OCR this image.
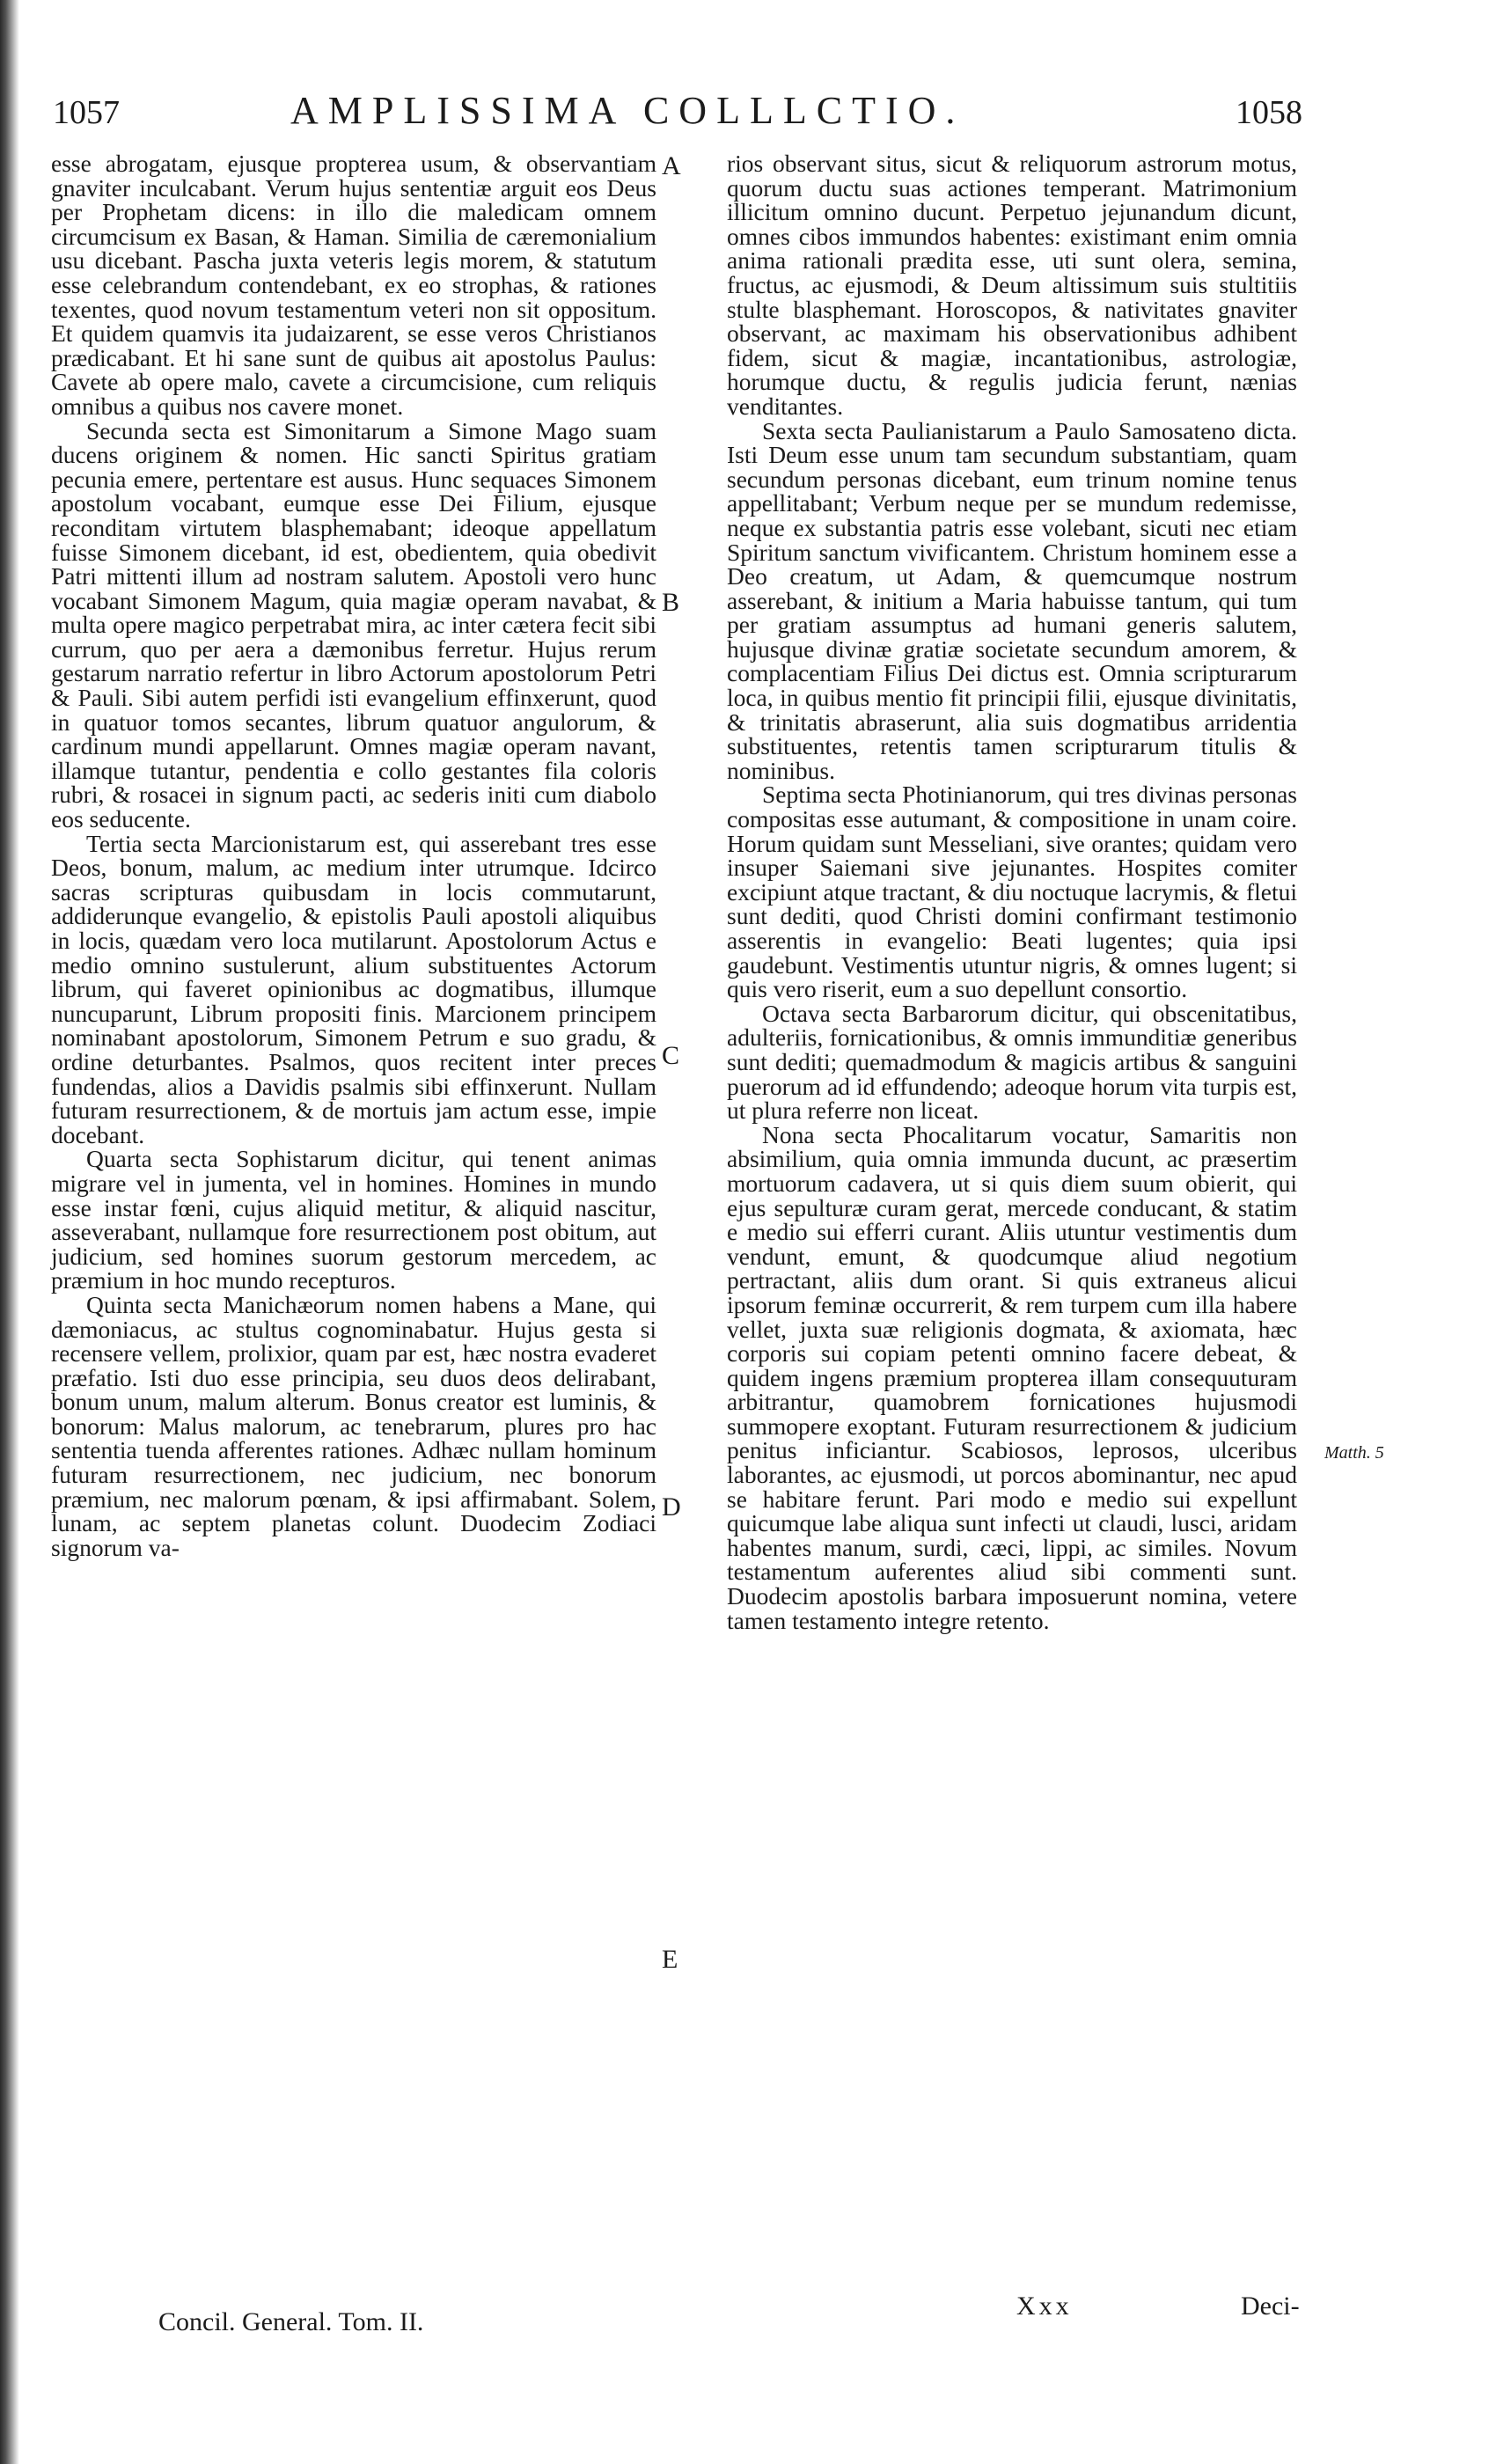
1057	AMPLISSIMA COLLLCTIO.	1058

esse abrogatam, ejusque propterea usum, & observantiam gnaviter inculcabant. Verum hujus sententiæ arguit eos Deus per Prophetam dicens: in illo die maledicam omnem circumcisum ex Basan, & Haman. Similia de cæremonialium usu dicebant. Pascha juxta veteris legis morem, & statutum esse celebrandum contendebant, ex eo strophas, & rationes texentes, quod novum testamentum veteri non sit oppositum. Et quidem quamvis ita judaizarent, se esse veros Christianos prædicabant. Et hi sane sunt de quibus ait apostolus Paulus: Cavete ab opere malo, cavete a circumcisione, cum reliquis omnibus a quibus nos cavere monet.

Secunda secta est Simonitarum a Simone Mago suam ducens originem & nomen. Hic sancti Spiritus gratiam pecunia emere, pertentare est ausus. Hunc sequaces Simonem apostolum vocabant, eumque esse Dei Filium, ejusque reconditam virtutem blasphemabant; ideoque appellatum fuisse Simonem dicebant, id est, obedientem, quia obedivit Patri mittenti illum ad nostram salutem. Apostoli vero hunc vocabant Simonem Magum, quia magiæ operam navabat, & multa opere magico perpetrabat mira, ac inter cætera fecit sibi currum, quo per aera a dæmonibus ferretur. Hujus rerum gestarum narratio refertur in libro Actorum apostolorum Petri & Pauli. Sibi autem perfidi isti evangelium effinxerunt, quod in quatuor tomos secantes, librum quatuor angulorum, & cardinum mundi appellarunt. Omnes magiæ operam navant, illamque tutantur, pendentia e collo gestantes fila coloris rubri, & rosacei in signum pacti, ac sederis initi cum diabolo eos seducente.

Tertia secta Marcionistarum est, qui asserebant tres esse Deos, bonum, malum, ac medium inter utrumque. Idcirco sacras scripturas quibusdam in locis commutarunt, addiderunque evangelio, & epistolis Pauli apostoli aliquibus in locis, quædam vero loca mutilarunt. Apostolorum Actus e medio omnino sustulerunt, alium substituentes Actorum librum, qui faveret opinionibus ac dogmatibus, illumque nuncuparunt, Librum propositi finis. Marcionem principem nominabant apostolorum, Simonem Petrum e suo gradu, & ordine deturbantes. Psalmos, quos recitent inter preces fundendas, alios a Davidis psalmis sibi effinxerunt. Nullam futuram resurrectionem, & de mortuis jam actum esse, impie docebant.

Quarta secta Sophistarum dicitur, qui tenent animas migrare vel in jumenta, vel in homines. Homines in mundo esse instar fœni, cujus aliquid metitur, & aliquid nascitur, asseverabant, nullamque fore resurrectionem post obitum, aut judicium, sed homines suorum gestorum mercedem, ac præmium in hoc mundo recepturos.

Quinta secta Manichæorum nomen habens a Mane, qui dæmoniacus, ac stultus cognominabatur. Hujus gesta si recensere vellem, prolixior, quam par est, hæc nostra evaderet præfatio. Isti duo esse principia, seu duos deos delirabant, bonum unum, malum alterum. Bonus creator est luminis, & bonorum: Malus malorum, ac tenebrarum, plures pro hac sententia tuenda afferentes rationes. Adhæc nullam hominum futuram resurrectionem, nec judicium, nec bonorum præmium, nec malorum pœnam, & ipsi affirmabant. Solem, lunam, ac septem planetas colunt. Duodecim Zodiaci signorum va-

A
B
C
D
E

rios observant situs, sicut & reliquorum astrorum motus, quorum ductu suas actiones temperant. Matrimonium illicitum omnino ducunt. Perpetuo jejunandum dicunt, omnes cibos immundos habentes: existimant enim omnia anima rationali prædita esse, uti sunt olera, semina, fructus, ac ejusmodi, & Deum altissimum suis stultitiis stulte blasphemant. Horoscopos, & nativitates gnaviter observant, ac maximam his observationibus adhibent fidem, sicut & magiæ, incantationibus, astrologiæ, horumque ductu, & regulis judicia ferunt, nænias venditantes.

Sexta secta Paulianistarum a Paulo Samosateno dicta. Isti Deum esse unum tam secundum substantiam, quam secundum personas dicebant, eum trinum nomine tenus appellitabant; Verbum neque per se mundum redemisse, neque ex substantia patris esse volebant, sicuti nec etiam Spiritum sanctum vivificantem. Christum hominem esse a Deo creatum, ut Adam, & quemcumque nostrum asserebant, & initium a Maria habuisse tantum, qui tum per gratiam assumptus ad humani generis salutem, hujusque divinæ gratiæ societate secundum amorem, & complacentiam Filius Dei dictus est. Omnia scripturarum loca, in quibus mentio fit principii filii, ejusque divinitatis, & trinitatis abraserunt, alia suis dogmatibus arridentia substituentes, retentis tamen scripturarum titulis & nominibus.

Septima secta Photinianorum, qui tres divinas personas compositas esse autumant, & compositione in unam coire. Horum quidam sunt Messeliani, sive orantes; quidam vero insuper Saiemani sive jejunantes. Hospites comiter excipiunt atque tractant, & diu noctuque lacrymis, & fletui sunt dediti, quod Christi domini confirmant testimonio asserentis in evangelio: Beati lugentes; quia ipsi gaudebunt. Vestimentis utuntur nigris, & omnes lugent; si quis vero riserit, eum a suo depellunt consortio.

Octava secta Barbarorum dicitur, qui obscenitatibus, adulteriis, fornicationibus, & omnis immunditiæ generibus sunt dediti; quemadmodum & magicis artibus & sanguini puerorum ad id effundendo; adeoque horum vita turpis est, ut plura referre non liceat.

Nona secta Phocalitarum vocatur, Samaritis non absimilium, quia omnia immunda ducunt, ac præsertim mortuorum cadavera, ut si quis diem suum obierit, qui ejus sepulturæ curam gerat, mercede conducant, & statim e medio sui efferri curant. Aliis utuntur vestimentis dum vendunt, emunt, & quodcumque aliud negotium pertractant, aliis dum orant. Si quis extraneus alicui ipsorum feminæ occurrerit, & rem turpem cum illa habere vellet, juxta suæ religionis dogmata, & axiomata, hæc corporis sui copiam petenti omnino facere debeat, & quidem ingens præmium propterea illam consequuturam arbitrantur, quamobrem fornicationes hujusmodi summopere exoptant. Futuram resurrectionem & judicium penitus inficiantur. Scabiosos, leprosos, ulceribus laborantes, ac ejusmodi, ut porcos abominantur, nec apud se habitare ferunt. Pari modo e medio sui expellunt quicumque labe aliqua sunt infecti ut claudi, lusci, aridam habentes manum, surdi, cæci, lippi, ac similes. Novum testamentum auferentes aliud sibi commenti sunt. Duodecim apostolis barbara imposuerunt nomina, vetere tamen testamento integre retento.

Matth. 5
Concil. General. Tom. II.
Xxx	Deci-
